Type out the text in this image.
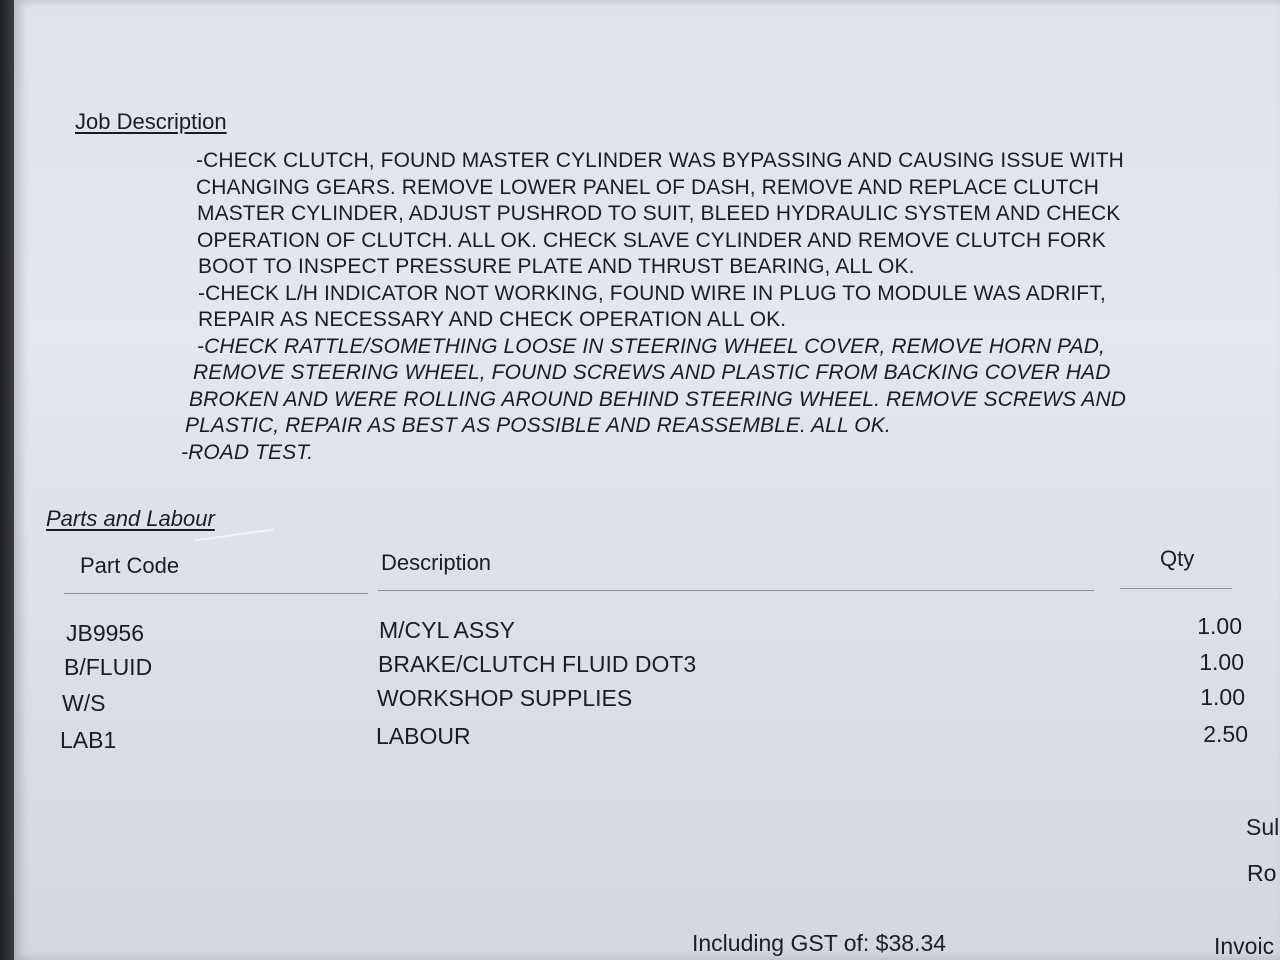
Job Description
-CHECK CLUTCH, FOUND MASTER CYLINDER WAS BYPASSING AND CAUSING ISSUE WITH
CHANGING GEARS. REMOVE LOWER PANEL OF DASH, REMOVE AND REPLACE CLUTCH
MASTER CYLINDER, ADJUST PUSHROD TO SUIT, BLEED HYDRAULIC SYSTEM AND CHECK
OPERATION OF CLUTCH. ALL OK. CHECK SLAVE CYLINDER AND REMOVE CLUTCH FORK
BOOT TO INSPECT PRESSURE PLATE AND THRUST BEARING, ALL OK.
-CHECK L/H INDICATOR NOT WORKING, FOUND WIRE IN PLUG TO MODULE WAS ADRIFT,
REPAIR AS NECESSARY AND CHECK OPERATION ALL OK.
-CHECK RATTLE/SOMETHING LOOSE IN STEERING WHEEL COVER, REMOVE HORN PAD,
REMOVE STEERING WHEEL, FOUND SCREWS AND PLASTIC FROM BACKING COVER HAD
BROKEN AND WERE ROLLING AROUND BEHIND STEERING WHEEL. REMOVE SCREWS AND
PLASTIC, REPAIR AS BEST AS POSSIBLE AND REASSEMBLE. ALL OK.
-ROAD TEST.
Parts and Labour
Part Code	Description	Qty
JB9956	M/CYL ASSY	1.00
B/FLUID	BRAKE/CLUTCH FLUID DOT3	1.00
W/S	WORKSHOP SUPPLIES	1.00
LAB1	LABOUR	2.50
Sul
Ro
Invoic
Including GST of: $38.34
